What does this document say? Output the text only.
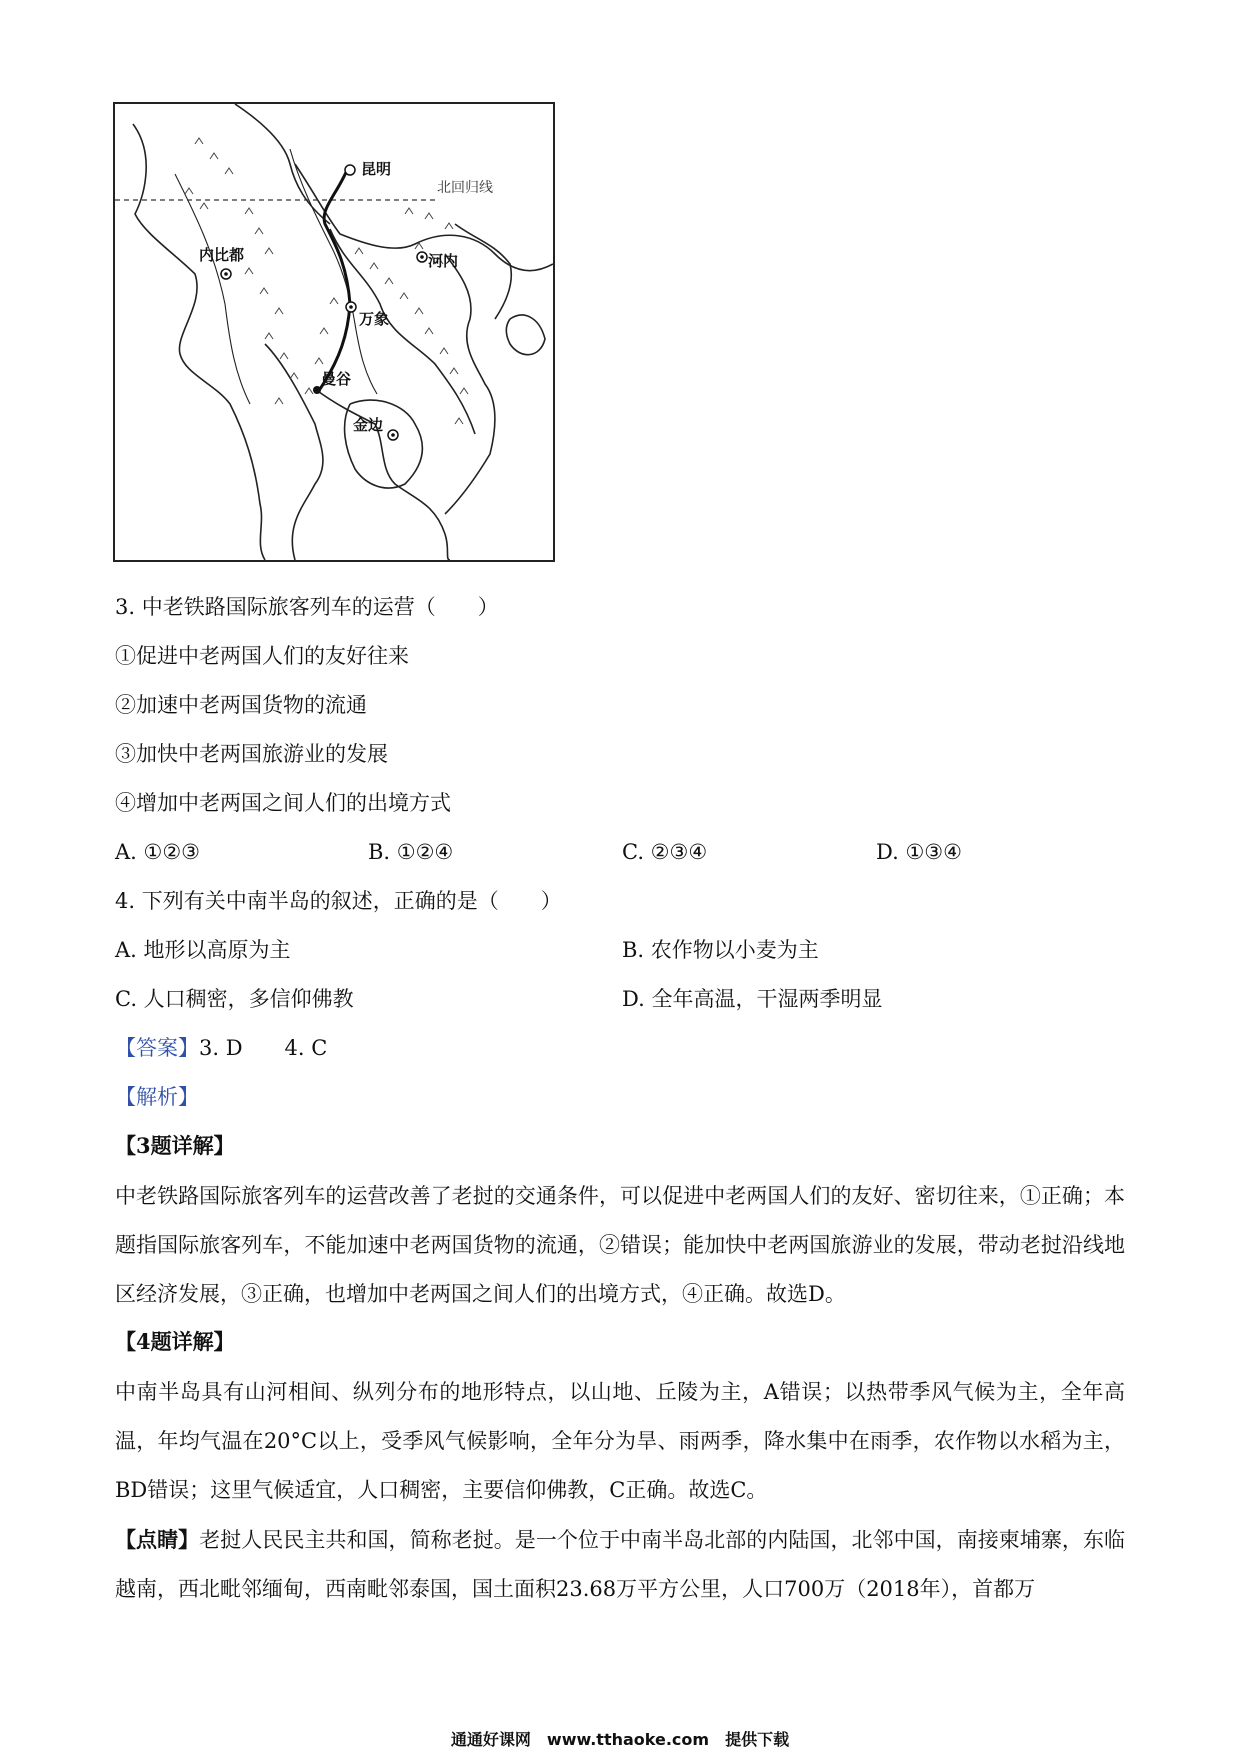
北回归线
昆明
内比都	河内
万象
曼谷
金边
3. 中老铁路国际旅客列车的运营（　　）
①促进中老两国人们的友好往来
②加速中老两国货物的流通
③加快中老两国旅游业的发展
④增加中老两国之间人们的出境方式
A. ①②③	B. ①②④	C. ②③④	D. ①③④
4. 下列有关中南半岛的叙述，正确的是（　　）
A. 地形以高原为主	B. 农作物以小麦为主
C. 人口稠密，多信仰佛教	D. 全年高温，干湿两季明显
【答案】3. D　　4. C
【解析】
【3题详解】
中老铁路国际旅客列车的运营改善了老挝的交通条件，可以促进中老两国人们的友好、密切往来，①正确；本题指国际旅客列车，不能加速中老两国货物的流通，②错误；能加快中老两国旅游业的发展，带动老挝沿线地区经济发展，③正确，也增加中老两国之间人们的出境方式，④正确。故选D。
【4题详解】
中南半岛具有山河相间、纵列分布的地形特点，以山地、丘陵为主，A错误；以热带季风气候为主，全年高温，年均气温在20°C以上，受季风气候影响，全年分为旱、雨两季，降水集中在雨季，农作物以水稻为主，BD错误；这里气候适宜，人口稠密，主要信仰佛教，C正确。故选C。
【点睛】老挝人民民主共和国，简称老挝。是一个位于中南半岛北部的内陆国，北邻中国，南接柬埔寨，东临越南，西北毗邻缅甸，西南毗邻泰国，国土面积23.68万平方公里，人口700万（2018年），首都万
通通好课网　www.tthaoke.com　提供下载
